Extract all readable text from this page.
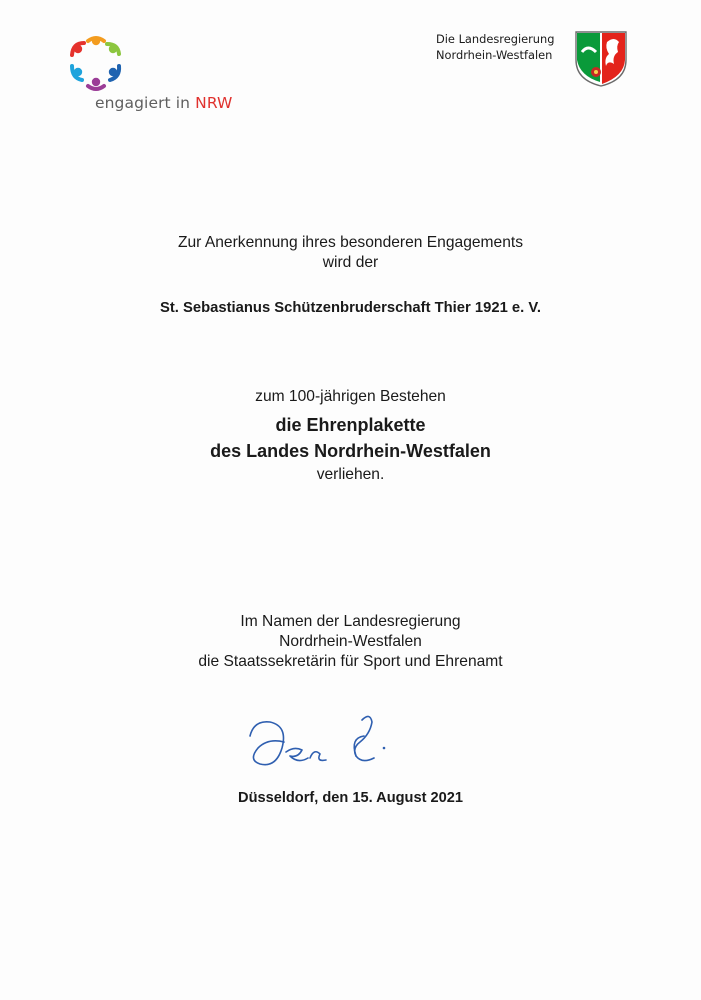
engagiert in NRW
Die Landesregierung
Nordrhein-Westfalen
Zur Anerkennung ihres besonderen Engagements
wird der
St. Sebastianus Schützenbruderschaft Thier 1921 e. V.
zum 100-jährigen Bestehen
die Ehrenplakette
des Landes Nordrhein-Westfalen
verliehen.
Im Namen der Landesregierung
Nordrhein-Westfalen
die Staatssekretärin für Sport und Ehrenamt
Düsseldorf, den 15. August 2021
